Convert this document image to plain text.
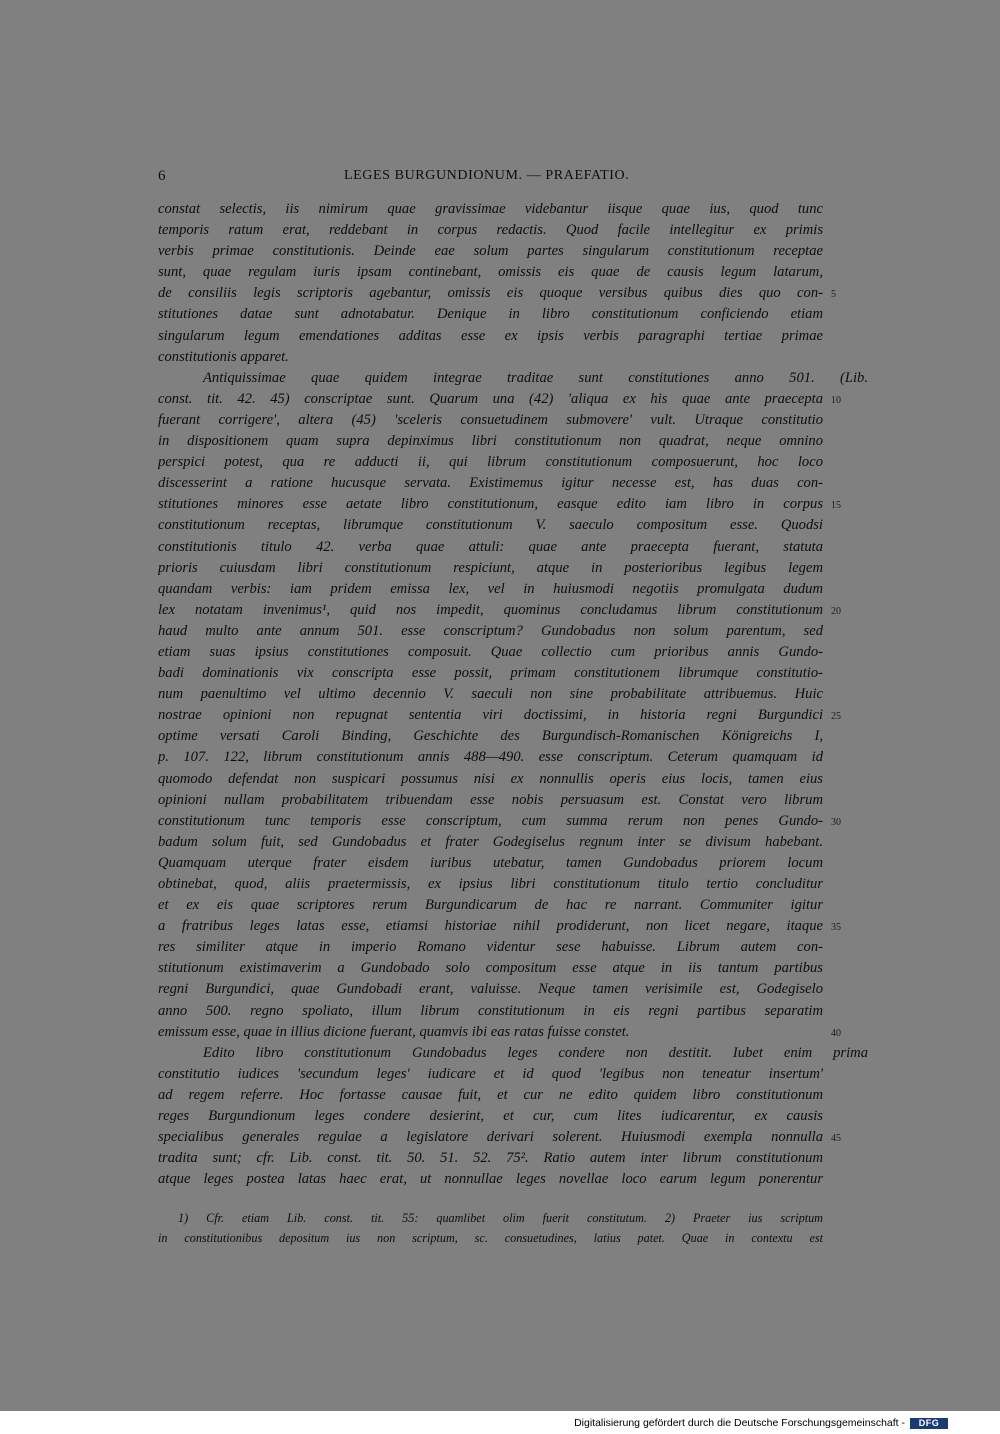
6	LEGES BURGUNDIONUM. — PRAEFATIO.
constat selectis, iis nimirum quae gravissimae videbantur iisque quae ius, quod tunc
temporis ratum erat, reddebant in corpus redactis. Quod facile intellegitur ex primis
verbis primae constitutionis. Deinde eae solum partes singularum constitutionum receptae
sunt, quae regulam iuris ipsam continebant, omissis eis quae de causis legum latarum,
de consiliis legis scriptoris agebantur, omissis eis quoque versibus quibus dies quo con- 5
stitutiones datae sunt adnotabatur. Denique in libro constitutionum conficiendo etiam
singularum legum emendationes additas esse ex ipsis verbis paragraphi tertiae primae
constitutionis apparet.
Antiquissimae quae quidem integrae traditae sunt constitutiones anno 501. (Lib.
const. tit. 42. 45) conscriptae sunt. Quarum una (42) 'aliqua ex his quae ante praecepta 10
fuerant corrigere', altera (45) 'sceleris consuetudinem submovere' vult. Utraque constitutio
in dispositionem quam supra depinximus libri constitutionum non quadrat, neque omnino
perspici potest, qua re adducti ii, qui librum constitutionum composuerunt, hoc loco
discesserint a ratione hucusque servata. Existimemus igitur necesse est, has duas con-
stitutiones minores esse aetate libro constitutionum, easque edito iam libro in corpus 15
constitutionum receptas, librumque constitutionum V. saeculo compositum esse. Quodsi
constitutionis titulo 42. verba quae attuli: quae ante praecepta fuerant, statuta
prioris cuiusdam libri constitutionum respiciunt, atque in posterioribus legibus legem
quandam verbis: iam pridem emissa lex, vel in huiusmodi negotiis promulgata dudum
lex notatam invenimus¹, quid nos impedit, quominus concludamus librum constitutionum 20
haud multo ante annum 501. esse conscriptum? Gundobadus non solum parentum, sed
etiam suas ipsius constitutiones composuit. Quae collectio cum prioribus annis Gundo-
badi dominationis vix conscripta esse possit, primam constitutionem librumque constitutio-
num paenultimo vel ultimo decennio V. saeculi non sine probabilitate attribuemus. Huic
nostrae opinioni non repugnat sententia viri doctissimi, in historia regni Burgundici 25
optime versati Caroli Binding, Geschichte des Burgundisch-Romanischen Königreichs I,
p. 107. 122, librum constitutionum annis 488—490. esse conscriptum. Ceterum quamquam id
quomodo defendat non suspicari possumus nisi ex nonnullis operis eius locis, tamen eius
opinioni nullam probabilitatem tribuendam esse nobis persuasum est. Constat vero librum
constitutionum tunc temporis esse conscriptum, cum summa rerum non penes Gundo- 30
badum solum fuit, sed Gundobadus et frater Godegiselus regnum inter se divisum habebant.
Quamquam uterque frater eisdem iuribus utebatur, tamen Gundobadus priorem locum
obtinebat, quod, aliis praetermissis, ex ipsius libri constitutionum titulo tertio concluditur
et ex eis quae scriptores rerum Burgundicarum de hac re narrant. Communiter igitur
a fratribus leges latas esse, etiamsi historiae nihil prodiderunt, non licet negare, itaque 35
res similiter atque in imperio Romano videntur sese habuisse. Librum autem con-
stitutionum existimaverim a Gundobado solo compositum esse atque in iis tantum partibus
regni Burgundici, quae Gundobadi erant, valuisse. Neque tamen verisimile est, Godegiselo
anno 500. regno spoliato, illum librum constitutionum in eis regni partibus separatim
emissum esse, quae in illius dicione fuerant, quamvis ibi eas ratas fuisse constet.	40
Edito libro constitutionum Gundobadus leges condere non destitit. Iubet enim prima
constitutio iudices 'secundum leges' iudicare et id quod 'legibus non teneatur insertum'
ad regem referre. Hoc fortasse causae fuit, et cur ne edito quidem libro constitutionum
reges Burgundionum leges condere desierint, et cur, cum lites iudicarentur, ex causis
specialibus generales regulae a legislatore derivari solerent. Huiusmodi exempla nonnulla 45
tradita sunt; cfr. Lib. const. tit. 50. 51. 52. 75². Ratio autem inter librum constitutionum
atque leges postea latas haec erat, ut nonnullae leges novellae loco earum legum ponerentur
1) Cfr. etiam Lib. const. tit. 55: quamlibet olim fuerit constitutum. 2) Praeter ius scriptum
in constitutionibus depositum ius non scriptum, sc. consuetudines, latius patet. Quae in contextu est
Digitalisierung gefördert durch die Deutsche Forschungsgemeinschaft -	DFG
